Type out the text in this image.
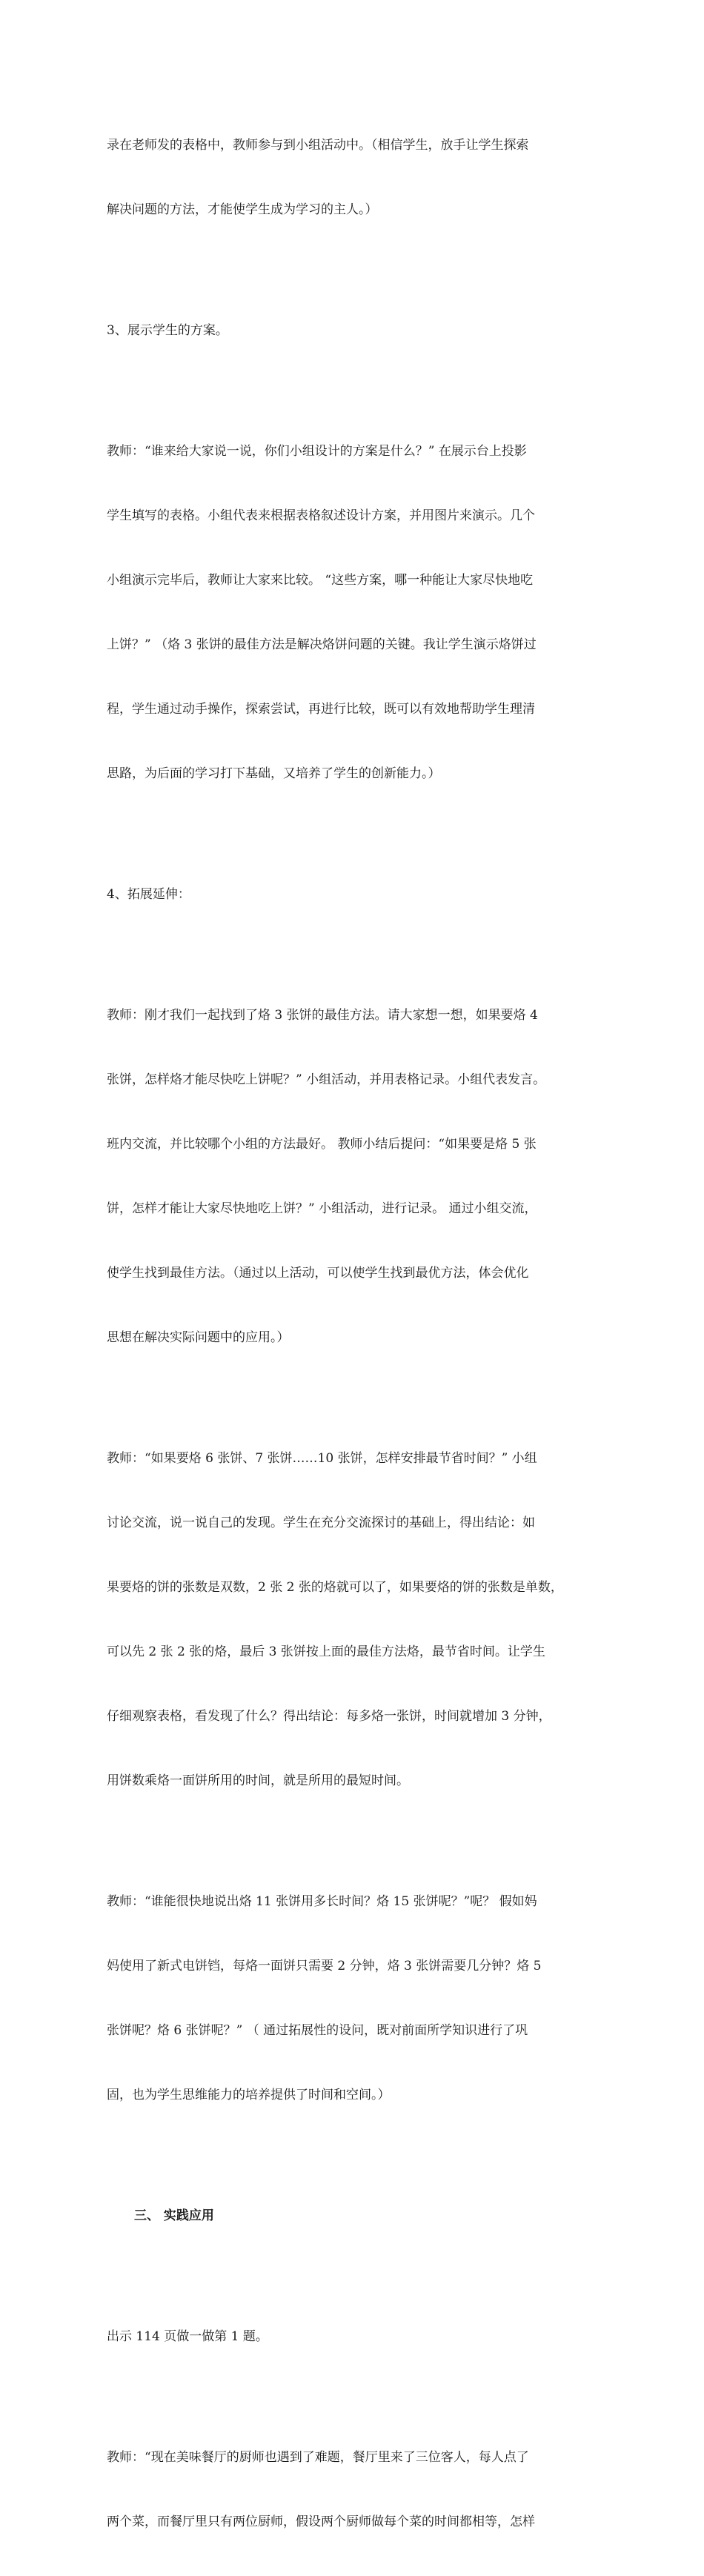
录在老师发的表格中，教师参与到小组活动中。（相信学生，放手让学生探索

解决问题的方法，才能使学生成为学习的主人。）

3、展示学生的方案。

教师：“谁来给大家说一说，你们小组设计的方案是什么？” 在展示台上投影

学生填写的表格。小组代表来根据表格叙述设计方案，并用图片来演示。几个

小组演示完毕后，教师让大家来比较。 “这些方案，哪一种能让大家尽快地吃

上饼？” （烙 3 张饼的最佳方法是解决烙饼问题的关键。我让学生演示烙饼过

程，学生通过动手操作，探索尝试，再进行比较，既可以有效地帮助学生理清

思路，为后面的学习打下基础，又培养了学生的创新能力。）

4、拓展延伸：

教师：刚才我们一起找到了烙 3 张饼的最佳方法。请大家想一想，如果要烙 4

张饼，怎样烙才能尽快吃上饼呢？” 小组活动，并用表格记录。小组代表发言。

班内交流，并比较哪个小组的方法最好。 教师小结后提问：“如果要是烙 5 张

饼，怎样才能让大家尽快地吃上饼？” 小组活动，进行记录。 通过小组交流，

使学生找到最佳方法。（通过以上活动，可以使学生找到最优方法，体会优化

思想在解决实际问题中的应用。）

教师：“如果要烙 6 张饼、7 张饼……10 张饼，怎样安排最节省时间？” 小组

讨论交流，说一说自己的发现。学生在充分交流探讨的基础上，得出结论：如

果要烙的饼的张数是双数，2 张 2 张的烙就可以了，如果要烙的饼的张数是单数，

可以先 2 张 2 张的烙，最后 3 张饼按上面的最佳方法烙，最节省时间。让学生

仔细观察表格，看发现了什么？得出结论：每多烙一张饼，时间就增加 3 分钟，

用饼数乘烙一面饼所用的时间，就是所用的最短时间。

教师：“谁能很快地说出烙 11 张饼用多长时间？烙 15 张饼呢？”呢？ 假如妈

妈使用了新式电饼铛，每烙一面饼只需要 2 分钟，烙 3 张饼需要几分钟？烙 5

张饼呢？烙 6 张饼呢？” （ 通过拓展性的设问，既对前面所学知识进行了巩

固，也为学生思维能力的培养提供了时间和空间。）

三、 实践应用

出示 114 页做一做第 1 题。

教师：“现在美味餐厅的厨师也遇到了难题，餐厅里来了三位客人，每人点了

两个菜，而餐厅里只有两位厨师，假设两个厨师做每个菜的时间都相等，怎样
